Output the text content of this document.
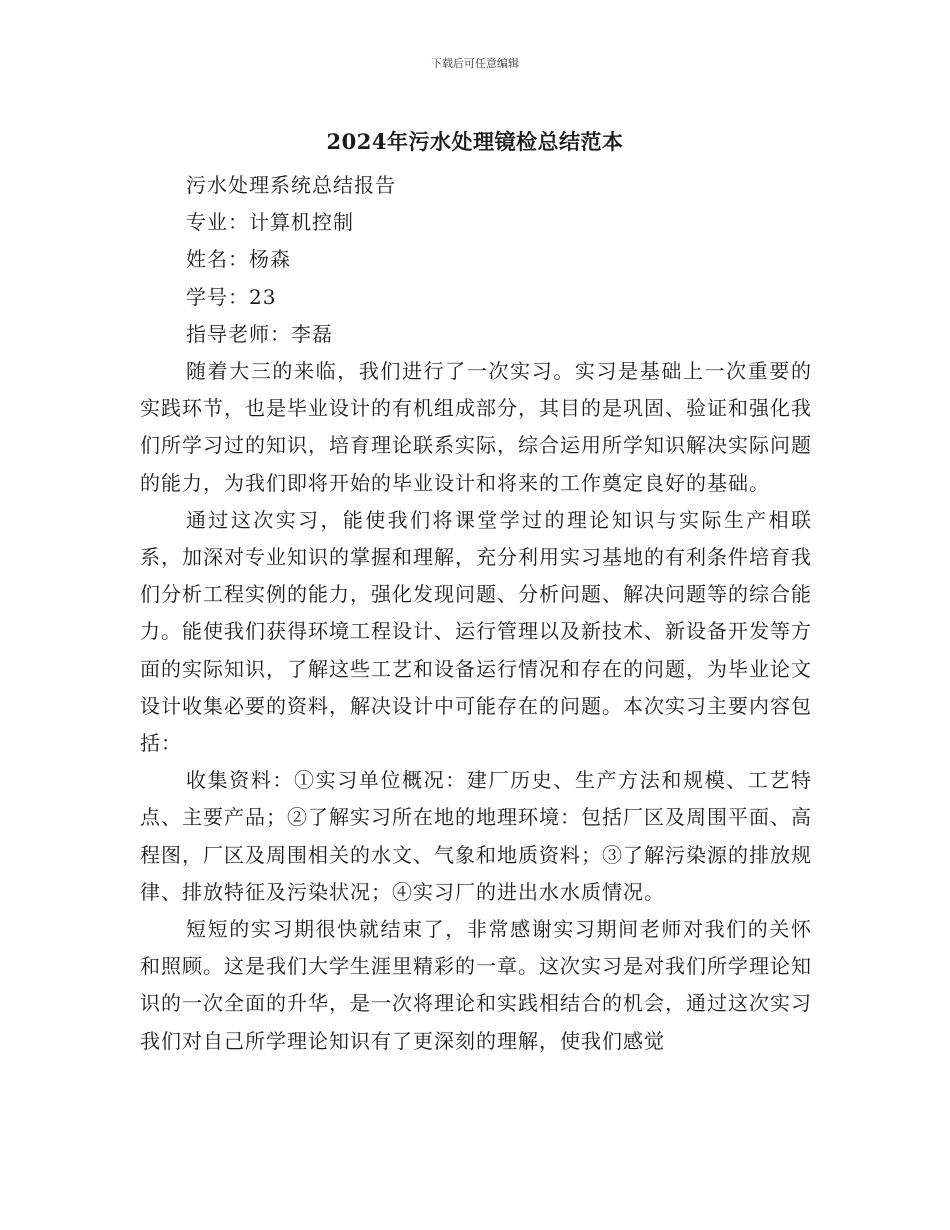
下载后可任意编辑
2024年污水处理镜检总结范本

污水处理系统总结报告

专业：计算机控制

姓名：杨森

学号：23

指导老师：李磊

随着大三的来临，我们进行了一次实习。实习是基础上一次重要的实践环节，也是毕业设计的有机组成部分，其目的是巩固、验证和强化我们所学习过的知识，培育理论联系实际，综合运用所学知识解决实际问题的能力，为我们即将开始的毕业设计和将来的工作奠定良好的基础。

通过这次实习，能使我们将课堂学过的理论知识与实际生产相联系，加深对专业知识的掌握和理解，充分利用实习基地的有利条件培育我们分析工程实例的能力，强化发现问题、分析问题、解决问题等的综合能力。能使我们获得环境工程设计、运行管理以及新技术、新设备开发等方面的实际知识，了解这些工艺和设备运行情况和存在的问题，为毕业论文设计收集必要的资料，解决设计中可能存在的问题。本次实习主要内容包括：

收集资料：①实习单位概况：建厂历史、生产方法和规模、工艺特点、主要产品；②了解实习所在地的地理环境：包括厂区及周围平面、高程图，厂区及周围相关的水文、气象和地质资料；③了解污染源的排放规律、排放特征及污染状况；④实习厂的进出水水质情况。

短短的实习期很快就结束了，非常感谢实习期间老师对我们的关怀和照顾。这是我们大学生涯里精彩的一章。这次实习是对我们所学理论知识的一次全面的升华，是一次将理论和实践相结合的机会，通过这次实习我们对自己所学理论知识有了更深刻的理解，使我们感觉
